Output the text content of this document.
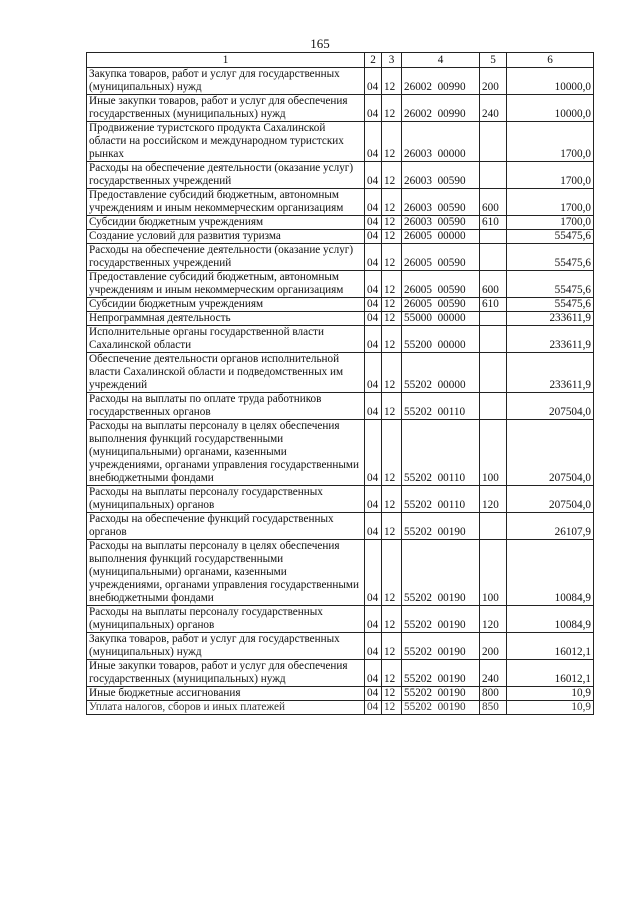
165
1	2	3	4	5	6
Закупка товаров, работ и услуг для государственных (муниципальных) нужд	04	12	26002  00990	200	10000,0
Иные закупки товаров, работ и услуг для обеспечения государственных (муниципальных) нужд	04	12	26002  00990	240	10000,0
Продвижение туристского продукта Сахалинской области на российском и международном туристских рынках	04	12	26003  00000		1700,0
Расходы на обеспечение деятельности (оказание услуг) государственных учреждений	04	12	26003  00590		1700,0
Предоставление субсидий бюджетным, автономным учреждениям и иным некоммерческим организациям	04	12	26003  00590	600	1700,0
Субсидии бюджетным учреждениям	04	12	26003  00590	610	1700,0
Создание условий для развития туризма	04	12	26005  00000		55475,6
Расходы на обеспечение деятельности (оказание услуг) государственных учреждений	04	12	26005  00590		55475,6
Предоставление субсидий бюджетным, автономным учреждениям и иным некоммерческим организациям	04	12	26005  00590	600	55475,6
Субсидии бюджетным учреждениям	04	12	26005  00590	610	55475,6
Непрограммная деятельность	04	12	55000  00000		233611,9
Исполнительные органы государственной власти Сахалинской области	04	12	55200  00000		233611,9
Обеспечение деятельности органов исполнительной власти Сахалинской области и подведомственных им учреждений	04	12	55202  00000		233611,9
Расходы на выплаты по оплате труда работников государственных органов	04	12	55202  00110		207504,0
Расходы на выплаты персоналу в целях обеспечения выполнения функций государственными (муниципальными) органами, казенными учреждениями, органами управления государственными внебюджетными фондами	04	12	55202  00110	100	207504,0
Расходы на выплаты персоналу государственных (муниципальных) органов	04	12	55202  00110	120	207504,0
Расходы на обеспечение функций государственных органов	04	12	55202  00190		26107,9
Расходы на выплаты персоналу в целях обеспечения выполнения функций государственными (муниципальными) органами, казенными учреждениями, органами управления государственными внебюджетными фондами	04	12	55202  00190	100	10084,9
Расходы на выплаты персоналу государственных (муниципальных) органов	04	12	55202  00190	120	10084,9
Закупка товаров, работ и услуг для государственных (муниципальных) нужд	04	12	55202  00190	200	16012,1
Иные закупки товаров, работ и услуг для обеспечения государственных (муниципальных) нужд	04	12	55202  00190	240	16012,1
Иные бюджетные ассигнования	04	12	55202  00190	800	10,9
Уплата налогов, сборов и иных платежей	04	12	55202  00190	850	10,9
